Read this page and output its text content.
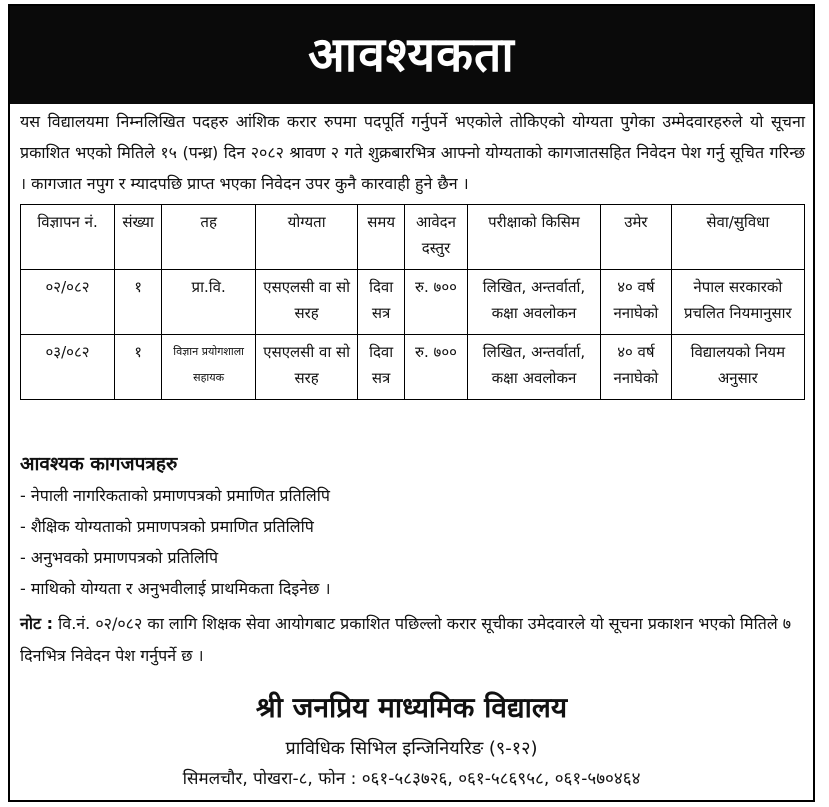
आवश्यकता
यस विद्यालयमा निम्नलिखित पदहरु आंशिक करार रुपमा पदपूर्ति गर्नुपर्ने भएकोले तोकिएको योग्यता पुगेका उम्मेदवारहरुले यो सूचना प्रकाशित भएको मितिले १५ (पन्ध्र) दिन २०८२ श्रावण २ गते शुक्रबारभित्र आफ्नो योग्यताको कागजातसहित निवेदन पेश गर्नु सूचित गरिन्छ । कागजात नपुग र म्यादपछि प्राप्त भएका निवेदन उपर कुनै कारवाही हुने छैन ।
विज्ञापन नं.	संख्या	तह	योग्यता	समय	आवेदन दस्तुर	परीक्षाको किसिम	उमेर	सेवा/सुविधा
०२/०८२	१	प्रा.वि.	एसएलसी वा सो सरह	दिवा सत्र	रु. ७००	लिखित, अन्तर्वार्ता, कक्षा अवलोकन	४० वर्ष ननाघेको	नेपाल सरकारको प्रचलित नियमानुसार
०३/०८२	१	विज्ञान प्रयोगशाला सहायक	एसएलसी वा सो सरह	दिवा सत्र	रु. ७००	लिखित, अन्तर्वार्ता, कक्षा अवलोकन	४० वर्ष ननाघेको	विद्यालयको नियम अनुसार
आवश्यक कागजपत्रहरु
- नेपाली नागरिकताको प्रमाणपत्रको प्रमाणित प्रतिलिपि
- शैक्षिक योग्यताको प्रमाणपत्रको प्रमाणित प्रतिलिपि
- अनुभवको प्रमाणपत्रको प्रतिलिपि
- माथिको योग्यता र अनुभवीलाई प्राथमिकता दिइनेछ ।
नोट : वि.नं. ०२/०८२ का लागि शिक्षक सेवा आयोगबाट प्रकाशित पछिल्लो करार सूचीका उमेदवारले यो सूचना प्रकाशन भएको मितिले ७ दिनभित्र निवेदन पेश गर्नुपर्ने छ ।
श्री जनप्रिय माध्यमिक विद्यालय
प्राविधिक सिभिल इन्जिनियरिङ (९-१२)
सिमलचौर, पोखरा-८, फोन : ०६१-५८३७२६, ०६१-५८६९५८, ०६१-५७०४६४
